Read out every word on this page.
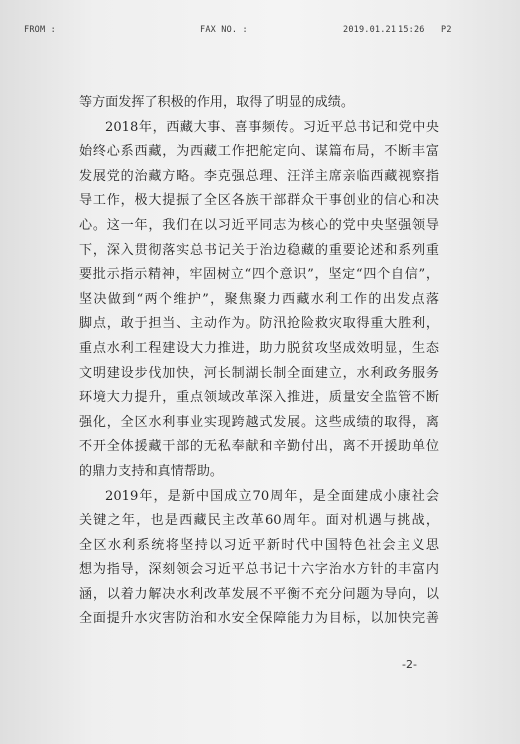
FROM :	FAX NO. :	2019.01.21 15:26 P2
等方面发挥了积极的作用，取得了明显的成绩。
2018年，西藏大事、喜事频传。习近平总书记和党中央
始终心系西藏，为西藏工作把舵定向、谋篇布局，不断丰富
发展党的治藏方略。李克强总理、汪洋主席亲临西藏视察指
导工作，极大提振了全区各族干部群众干事创业的信心和决
心。这一年，我们在以习近平同志为核心的党中央坚强领导
下，深入贯彻落实总书记关于治边稳藏的重要论述和系列重
要批示指示精神，牢固树立“四个意识”，坚定“四个自信”，
坚决做到“两个维护”，聚焦聚力西藏水利工作的出发点落
脚点，敢于担当、主动作为。防汛抢险救灾取得重大胜利，
重点水利工程建设大力推进，助力脱贫攻坚成效明显，生态
文明建设步伐加快，河长制湖长制全面建立，水利政务服务
环境大力提升，重点领域改革深入推进，质量安全监管不断
强化，全区水利事业实现跨越式发展。这些成绩的取得，离
不开全体援藏干部的无私奉献和辛勤付出，离不开援助单位
的鼎力支持和真情帮助。
2019年，是新中国成立70周年，是全面建成小康社会
关键之年，也是西藏民主改革60周年。面对机遇与挑战，
全区水利系统将坚持以习近平新时代中国特色社会主义思
想为指导，深刻领会习近平总书记十六字治水方针的丰富内
涵，以着力解决水利改革发展不平衡不充分问题为导向，以
全面提升水灾害防治和水安全保障能力为目标，以加快完善
-2-
